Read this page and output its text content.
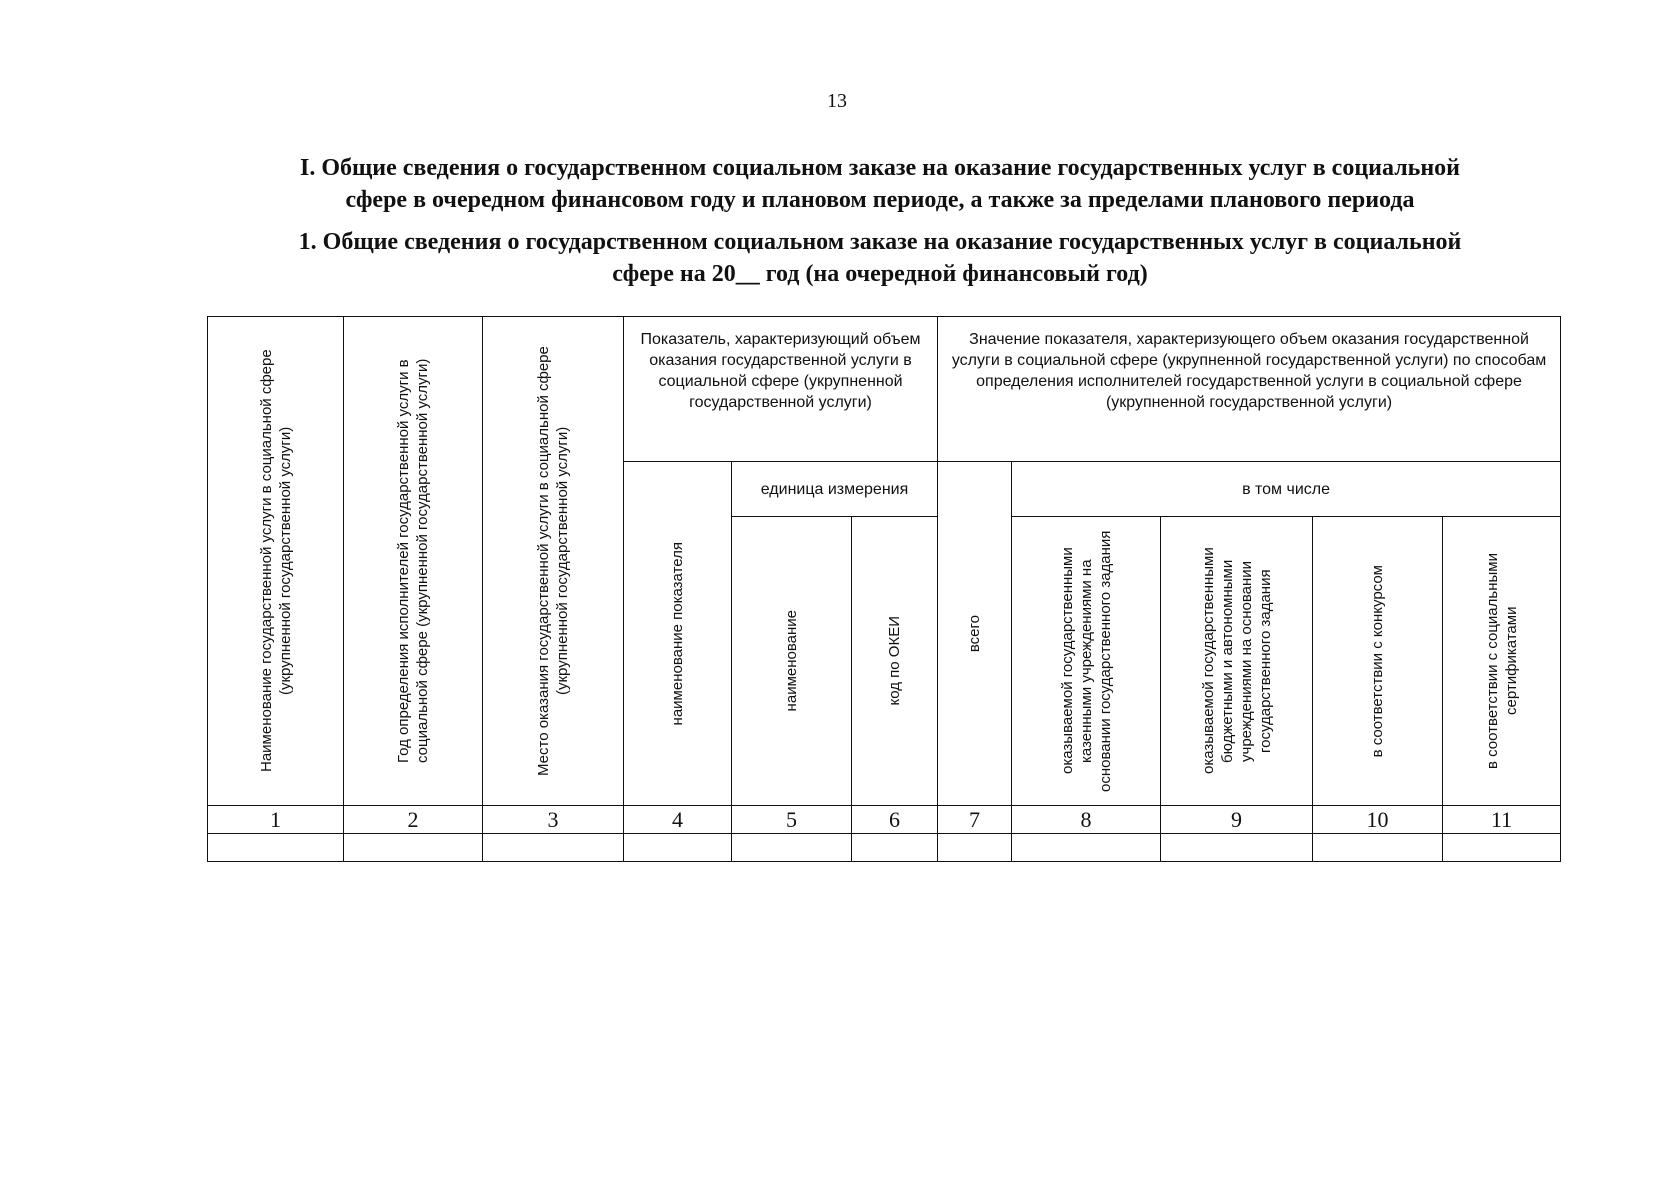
13
I. Общие сведения о государственном социальном заказе на оказание государственных услуг в социальной
сфере в очередном финансовом году и плановом периоде, а также за пределами планового периода
1. Общие сведения о государственном социальном заказе на оказание государственных услуг в социальной
сфере на 20__ год (на очередной финансовый год)
Наименование государственной услуги в социальной сфере (укрупненной государственной услуги)	Год определения исполнителей государственной услуги в социальной сфере (укрупненной государственной услуги)	Место оказания государственной услуги в социальной сфере (укрупненной государственной услуги)	Показатель, характеризующий объем оказания государственной услуги в социальной сфере (укрупненной государственной услуги)			Значение показателя, характеризующего объем оказания государственной услуги в социальной сфере (укрупненной государственной услуги) по способам определения исполнителей государственной услуги в социальной сфере (укрупненной государственной услуги)				

			наименование показателя	единица измерения		всего	в том числе			

				наименование	код по ОКЕИ		оказываемой государственными казенными учреждениями на основании государственного задания	оказываемой государственными бюджетными и автономными учреждениями на основании государственного задания	в соответствии с конкурсом	в соответствии с социальными сертификатами

1	2	3	4	5	6	7	8	9	10	11
